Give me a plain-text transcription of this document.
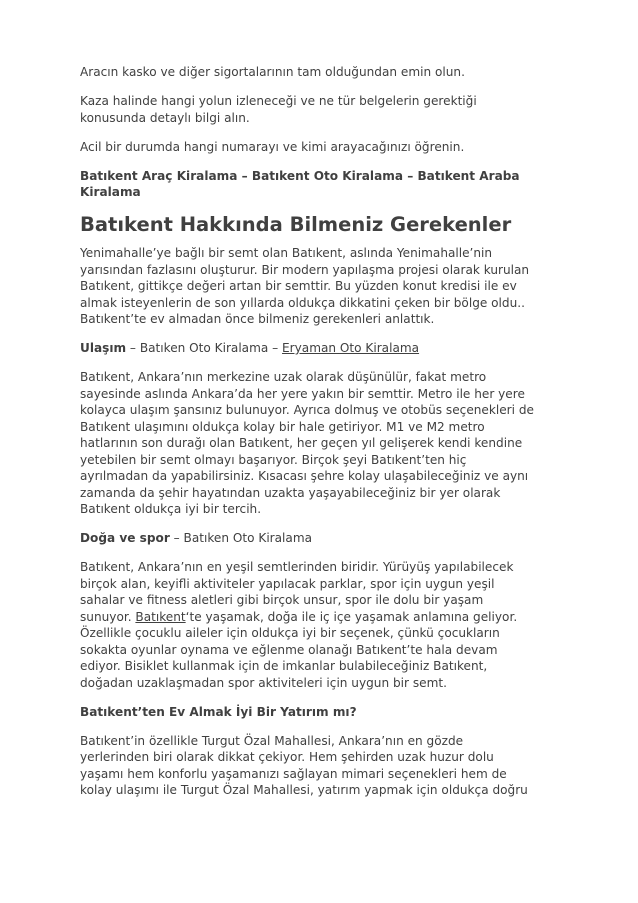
Aracın kasko ve diğer sigortalarının tam olduğundan emin olun.

Kaza halinde hangi yolun izleneceği ve ne tür belgelerin gerektiği
konusunda detaylı bilgi alın.

Acil bir durumda hangi numarayı ve kimi arayacağınızı öğrenin.

Batıkent Araç Kiralama – Batıkent Oto Kiralama – Batıkent Araba
Kiralama

Batıkent Hakkında Bilmeniz Gerekenler

Yenimahalle’ye bağlı bir semt olan Batıkent, aslında Yenimahalle’nin
yarısından fazlasını oluşturur. Bir modern yapılaşma projesi olarak kurulan
Batıkent, gittikçe değeri artan bir semttir. Bu yüzden konut kredisi ile ev
almak isteyenlerin de son yıllarda oldukça dikkatini çeken bir bölge oldu..
Batıkent’te ev almadan önce bilmeniz gerekenleri anlattık.

Ulaşım – Batıken Oto Kiralama – Eryaman Oto Kiralama

Batıkent, Ankara’nın merkezine uzak olarak düşünülür, fakat metro
sayesinde aslında Ankara’da her yere yakın bir semttir. Metro ile her yere
kolayca ulaşım şansınız bulunuyor. Ayrıca dolmuş ve otobüs seçenekleri de
Batıkent ulaşımını oldukça kolay bir hale getiriyor. M1 ve M2 metro
hatlarının son durağı olan Batıkent, her geçen yıl gelişerek kendi kendine
yetebilen bir semt olmayı başarıyor. Birçok şeyi Batıkent’ten hiç
ayrılmadan da yapabilirsiniz. Kısacası şehre kolay ulaşabileceğiniz ve aynı
zamanda da şehir hayatından uzakta yaşayabileceğiniz bir yer olarak
Batıkent oldukça iyi bir tercih.

Doğa ve spor – Batıken Oto Kiralama

Batıkent, Ankara’nın en yeşil semtlerinden biridir. Yürüyüş yapılabilecek
birçok alan, keyifli aktiviteler yapılacak parklar, spor için uygun yeşil
sahalar ve fitness aletleri gibi birçok unsur, spor ile dolu bir yaşam
sunuyor. Batıkent‘te yaşamak, doğa ile iç içe yaşamak anlamına geliyor.
Özellikle çocuklu aileler için oldukça iyi bir seçenek, çünkü çocukların
sokakta oyunlar oynama ve eğlenme olanağı Batıkent’te hala devam
ediyor. Bisiklet kullanmak için de imkanlar bulabileceğiniz Batıkent,
doğadan uzaklaşmadan spor aktiviteleri için uygun bir semt.

Batıkent’ten Ev Almak İyi Bir Yatırım mı?

Batıkent’in özellikle Turgut Özal Mahallesi, Ankara’nın en gözde
yerlerinden biri olarak dikkat çekiyor. Hem şehirden uzak huzur dolu
yaşamı hem konforlu yaşamanızı sağlayan mimari seçenekleri hem de
kolay ulaşımı ile Turgut Özal Mahallesi, yatırım yapmak için oldukça doğru
